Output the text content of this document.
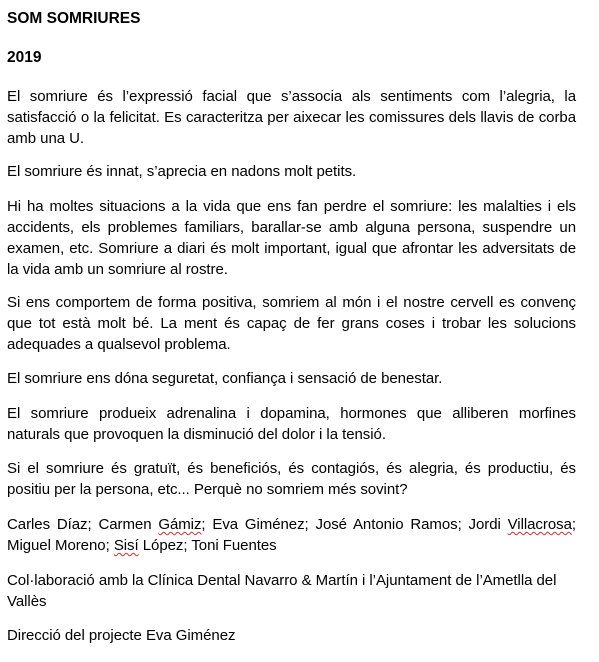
SOM SOMRIURES
2019

El somriure és l’expressió facial que s’associa als sentiments com l’alegria, la satisfacció o la felicitat. Es caracteritza per aixecar les comissures dels llavis de corba amb una U.

El somriure és innat, s’aprecia en nadons molt petits.

Hi ha moltes situacions a la vida que ens fan perdre el somriure: les malalties i els accidents, els problemes familiars, barallar-se amb alguna persona, suspendre un examen, etc. Somriure a diari és molt important, igual que afrontar les adversitats de la vida amb un somriure al rostre.

Si ens comportem de forma positiva, somriem al món i el nostre cervell es convenç que tot està molt bé. La ment és capaç de fer grans coses i trobar les solucions adequades a qualsevol problema.

El somriure ens dóna seguretat, confiança i sensació de benestar.

El somriure produeix adrenalina i dopamina, hormones que alliberen morfines naturals que provoquen la disminució del dolor i la tensió.

Si el somriure és gratuït, és beneficiós, és contagiós, és alegria, és productiu, és positiu per la persona, etc... Perquè no somriem més sovint?

Carles Díaz; Carmen Gámiz; Eva Giménez; José Antonio Ramos; Jordi Villacrosa; Miguel Moreno; Sisí López; Toni Fuentes

Col·laboració amb la Clínica Dental Navarro & Martín i l’Ajuntament de l’Ametlla del Vallès

Direcció del projecte Eva Giménez
